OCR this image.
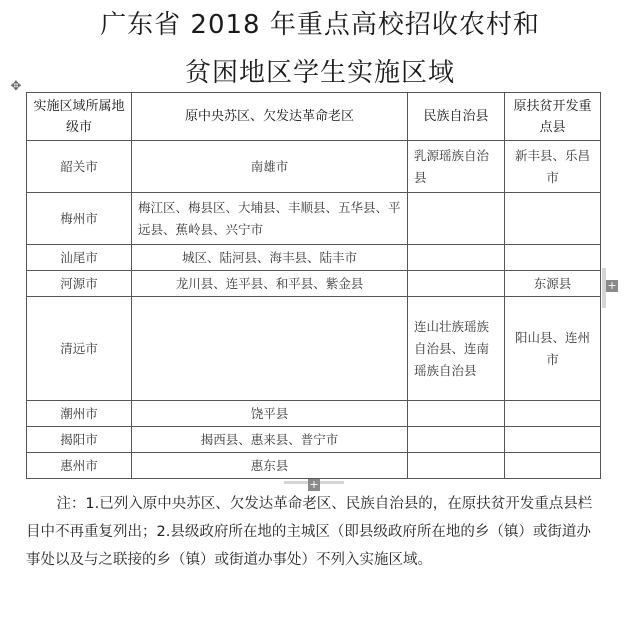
广东省 2018 年重点高校招收农村和
贫困地区学生实施区域
✥
实施区域所属地级市	原中央苏区、欠发达革命老区	民族自治县	原扶贫开发重点县
韶关市	南雄市	乳源瑶族自治县	新丰县、乐昌市
梅州市	梅江区、梅县区、大埔县、丰顺县、五华县、平远县、蕉岭县、兴宁市		
汕尾市	城区、陆河县、海丰县、陆丰市		
河源市	龙川县、连平县、和平县、紫金县		东源县
清远市		连山壮族瑶族自治县、连南瑶族自治县	阳山县、连州市
潮州市	饶平县		
揭阳市	揭西县、惠来县、普宁市		
惠州市	惠东县		
+
+
注：1.已列入原中央苏区、欠发达革命老区、民族自治县的，在原扶贫开发重点县栏目中不再重复列出；2.县级政府所在地的主城区（即县级政府所在地的乡（镇）或街道办事处以及与之联接的乡（镇）或街道办事处）不列入实施区域。
